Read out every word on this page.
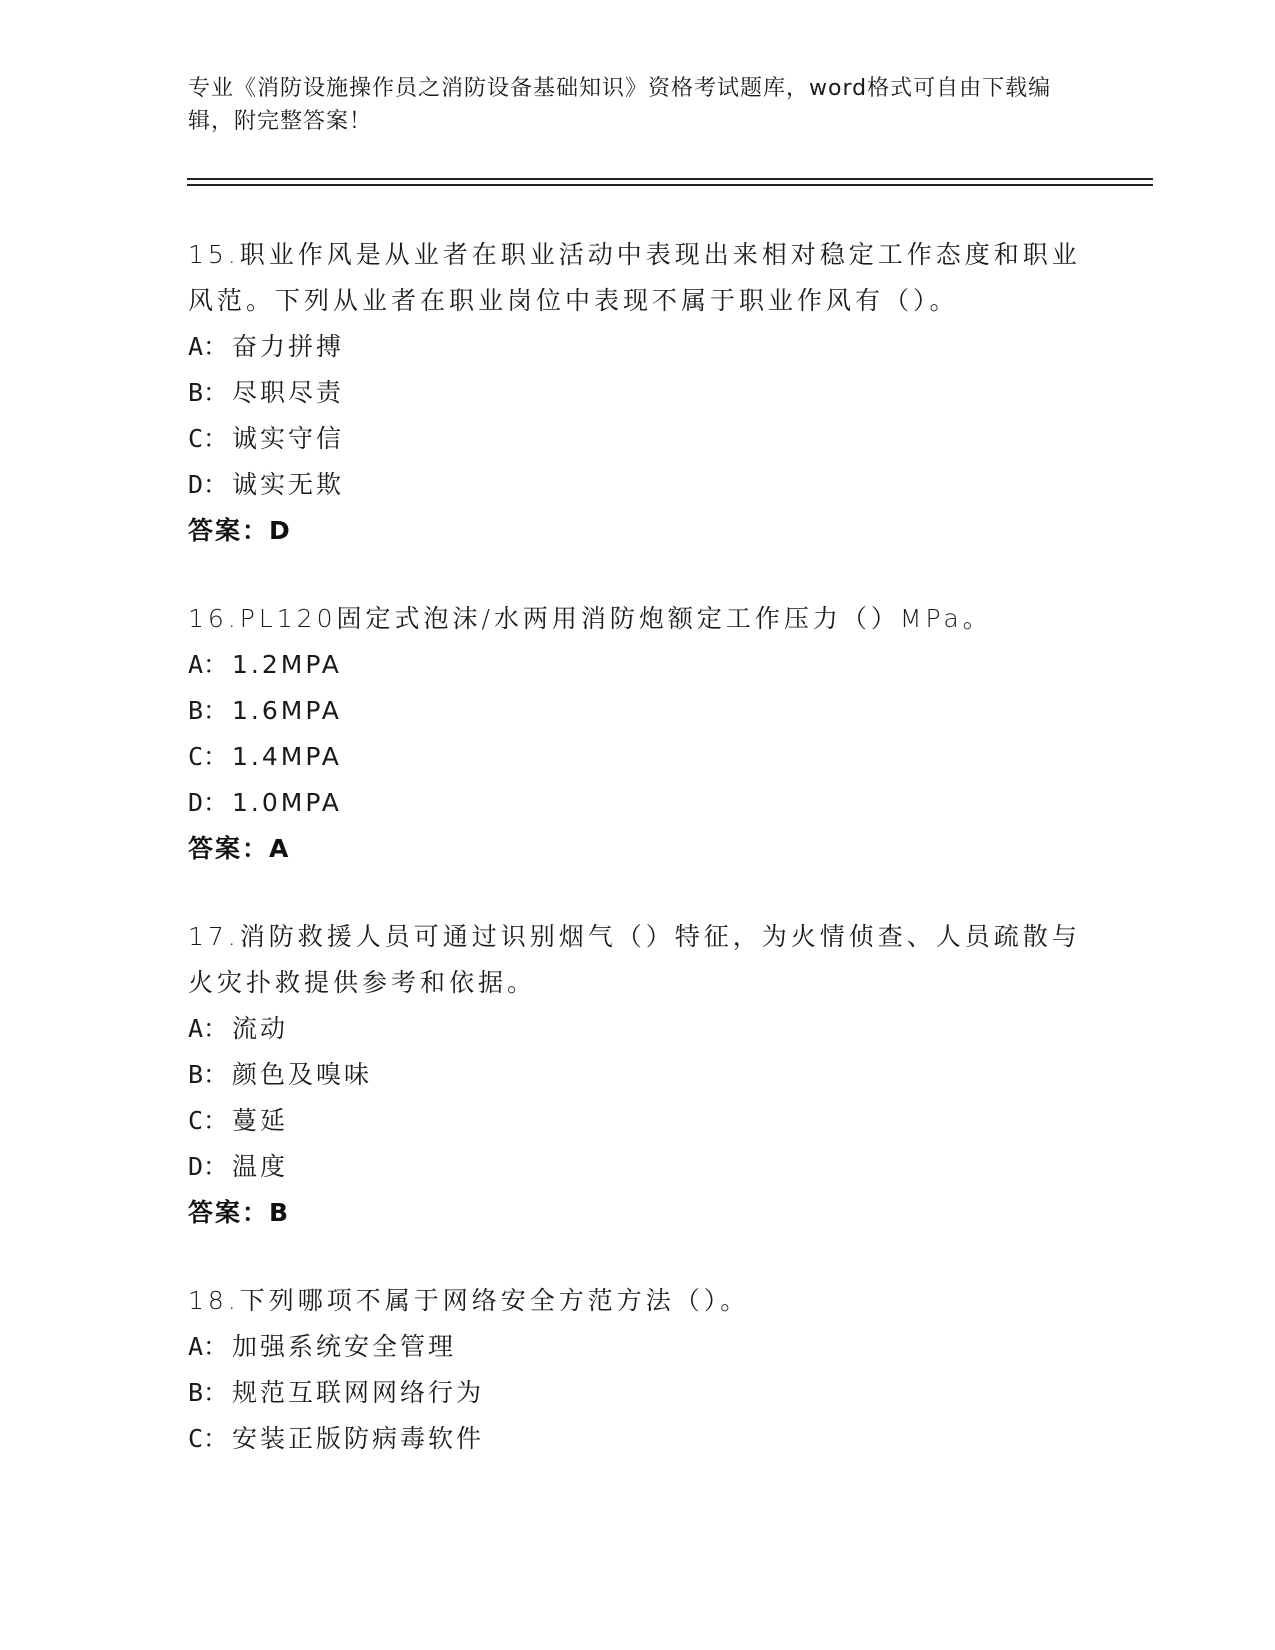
专业《消防设施操作员之消防设备基础知识》资格考试题库，word格式可自由下载编辑，附完整答案！
15.职业作风是从业者在职业活动中表现出来相对稳定工作态度和职业风范。下列从业者在职业岗位中表现不属于职业作风有（）。
A： 奋力拼搏
B： 尽职尽责
C： 诚实守信
D： 诚实无欺
答案：D
16.PL120固定式泡沫/水两用消防炮额定工作压力（）MPa。
A： 1.2MPA
B： 1.6MPA
C： 1.4MPA
D： 1.0MPA
答案：A
17.消防救援人员可通过识别烟气（）特征，为火情侦查、人员疏散与火灾扑救提供参考和依据。
A： 流动
B： 颜色及嗅味
C： 蔓延
D： 温度
答案：B
18.下列哪项不属于网络安全方范方法（）。
A： 加强系统安全管理
B： 规范互联网网络行为
C： 安装正版防病毒软件
